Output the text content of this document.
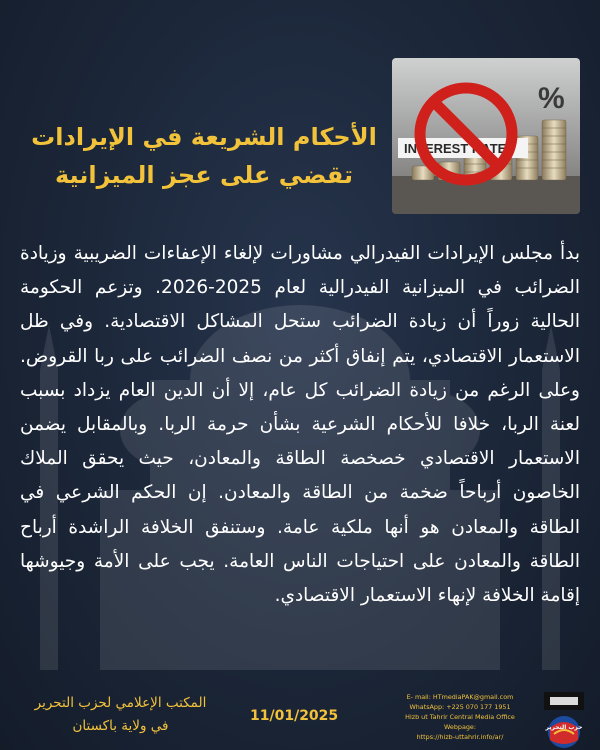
INTEREST RATES
%
الأحكام الشريعة في الإيرادات
تقضي على عجز الميزانية
بدأ مجلس الإيرادات الفيدرالي مشاورات لإلغاء الإعفاءات الضريبية وزيادة الضرائب في الميزانية الفيدرالية لعام 2025-2026. وتزعم الحكومة الحالية زوراً أن زيادة الضرائب ستحل المشاكل الاقتصادية. وفي ظل الاستعمار الاقتصادي، يتم إنفاق أكثر من نصف الضرائب على ربا القروض. وعلى الرغم من زيادة الضرائب كل عام، إلا أن الدين العام يزداد بسبب لعنة الربا، خلافا للأحكام الشرعية بشأن حرمة الربا. وبالمقابل يضمن الاستعمار الاقتصادي خصخصة الطاقة والمعادن، حيث يحقق الملاك الخاصون أرباحاً ضخمة من الطاقة والمعادن. إن الحكم الشرعي في الطاقة والمعادن هو أنها ملكية عامة. وستنفق الخلافة الراشدة أرباح الطاقة والمعادن على احتياجات الناس العامة. يجب على الأمة وجيوشها إقامة الخلافة لإنهاء الاستعمار الاقتصادي.
المكتب الإعلامي لحزب التحرير
في ولاية باكستان
11/01/2025
E- mail: HTmediaPAK@gmail.com
WhatsApp: +225 070 177 1951
Hizb ut Tahrir Central Media Office Webpage:
https://hizb-uttahrir.info/ar/
حزب التحرير
